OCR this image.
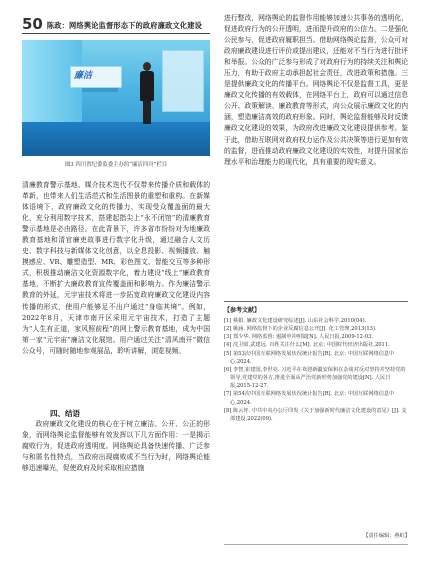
50 陈政：网络舆论监督形态下的政府廉政文化建设
廉洁
图3 四川省纪委监委主办的“廉洁四川”栏目

清廉教育警示基地、媒介技术迭代不仅带来传播介质和载体的革新，也带来人们生活范式和生活图景的重塑和重构。在新媒体语境下，政府廉政文化的传播力、实现受众覆盖面的最大化，充分利用数字技术，搭建起指尖上“永不闭馆”的清廉教育警示基地是必由路径。在此背景下，许多省市纷纷对为地廉政教育基地和清官廉吏故事进行数字化升级，通过融合人文历史、数字科技与新媒体文化创意，以全息投影、视频播放、触摸感应、VR、雕塑造型、MR、彩色图文、智能交互等多种形式，积极推动廉洁文化资源数字化，着力建设“线上”廉政教育基地，不断扩大廉政教育宣传覆盖面和影响力。作为廉洁警示教育的外延，元宇宙技术将进一步拓宽政府廉政文化建设内容传播的形式，使用户能够足不出户通过“身临其境”。例如，2022年8月，天津市南开区采用元宇宙技术，打造了主题为“人生有正道，家风照前程”的网上警示教育基地，成为中国第一家“元宇宙”廉洁文化展馆。用户通过关注“清风南开”微信公众号，可随时随地参观展品，聆听讲解，浏览视频。

四、结语

政府廉政文化建设的核心在于树立廉洁、公开、公正的形象，而网络舆论监督能够有效发挥以下几方面作用：一是揭示腐败行为，促进政府透明度。网络舆论具备快速传播、广泛参与和匿名性特点，当政府出现腐败或不当行为时，网络舆论能够迅速曝光，促使政府及时采取相应措施

进行整改，网络舆论的监督作用能够加速公共事务的透明化，促进政府行为的公开透明，进而提升政府的公信力。二是强化公民参与，促进政府履职担当。借助网络舆论监督，公众可对政府廉政建设进行评价或提出建议，还能对不当行为进行批评和举报。公众的广泛参与形成了对政府行为的持续关注和舆论压力，有助于政府主动承担起社会责任，改进政策和措施。三是提供廉政文化的传播平台。网络舆论不仅是监督工具，更是廉政文化传播的有效载体，在网络平台上，政府可以通过信息公开、政策解读、廉政教育等形式，向公众展示廉政文化的内涵，塑造廉洁高效的政府形象。同时，舆论监督能够及时反馈廉政文化建设的效果，为政府改进廉政文化建设提供参考。鉴于此，借助互联网对政府权力运作及公共决策等进行更加有效的监督，进而推动政府廉政文化建设的实效性，对提升国家治理水平和治理能力的现代化，具有重要的现实意义。

【参考文献】
[1] 蔡娟. 廉政文化建设研究综述[J]. 山东社会科学,2010(04).
[2] 姚涵. 网络监督下的企业反腐信息公开[J]. 化工管理,2013(13).
[3] 郑少华. 网络监督: 遏制申冲明镜[N]. 人民日报,2009-12-03.
[4] 沈卫昭,武建远. 百姓关注什么[M]. 北京: 中国时代经济出版社,2011.
[5] 第53次中国互联网络发展状况统计报告[R]. 北京: 中国互联网络信息中心,2024.
[6] 李智,崔建国,李世亮. 习近平在欢迎新疆安保和在杂谈对反对坚持并坚持党的领导,党建党的各方,推进全面从严治党新形势加强党的建设[N]. 人民日报,2015-12-27.
[7] 第54次中国互联网络发展状况统计报告[R]. 北京: 中国互联网络信息中心,2024.
[8] 陈云坪. 中共中央办公厅印发《关于加强新时代廉洁文化建设的意见》[J]. 支部建设,2022(09).
【责任编辑：燕虹】
